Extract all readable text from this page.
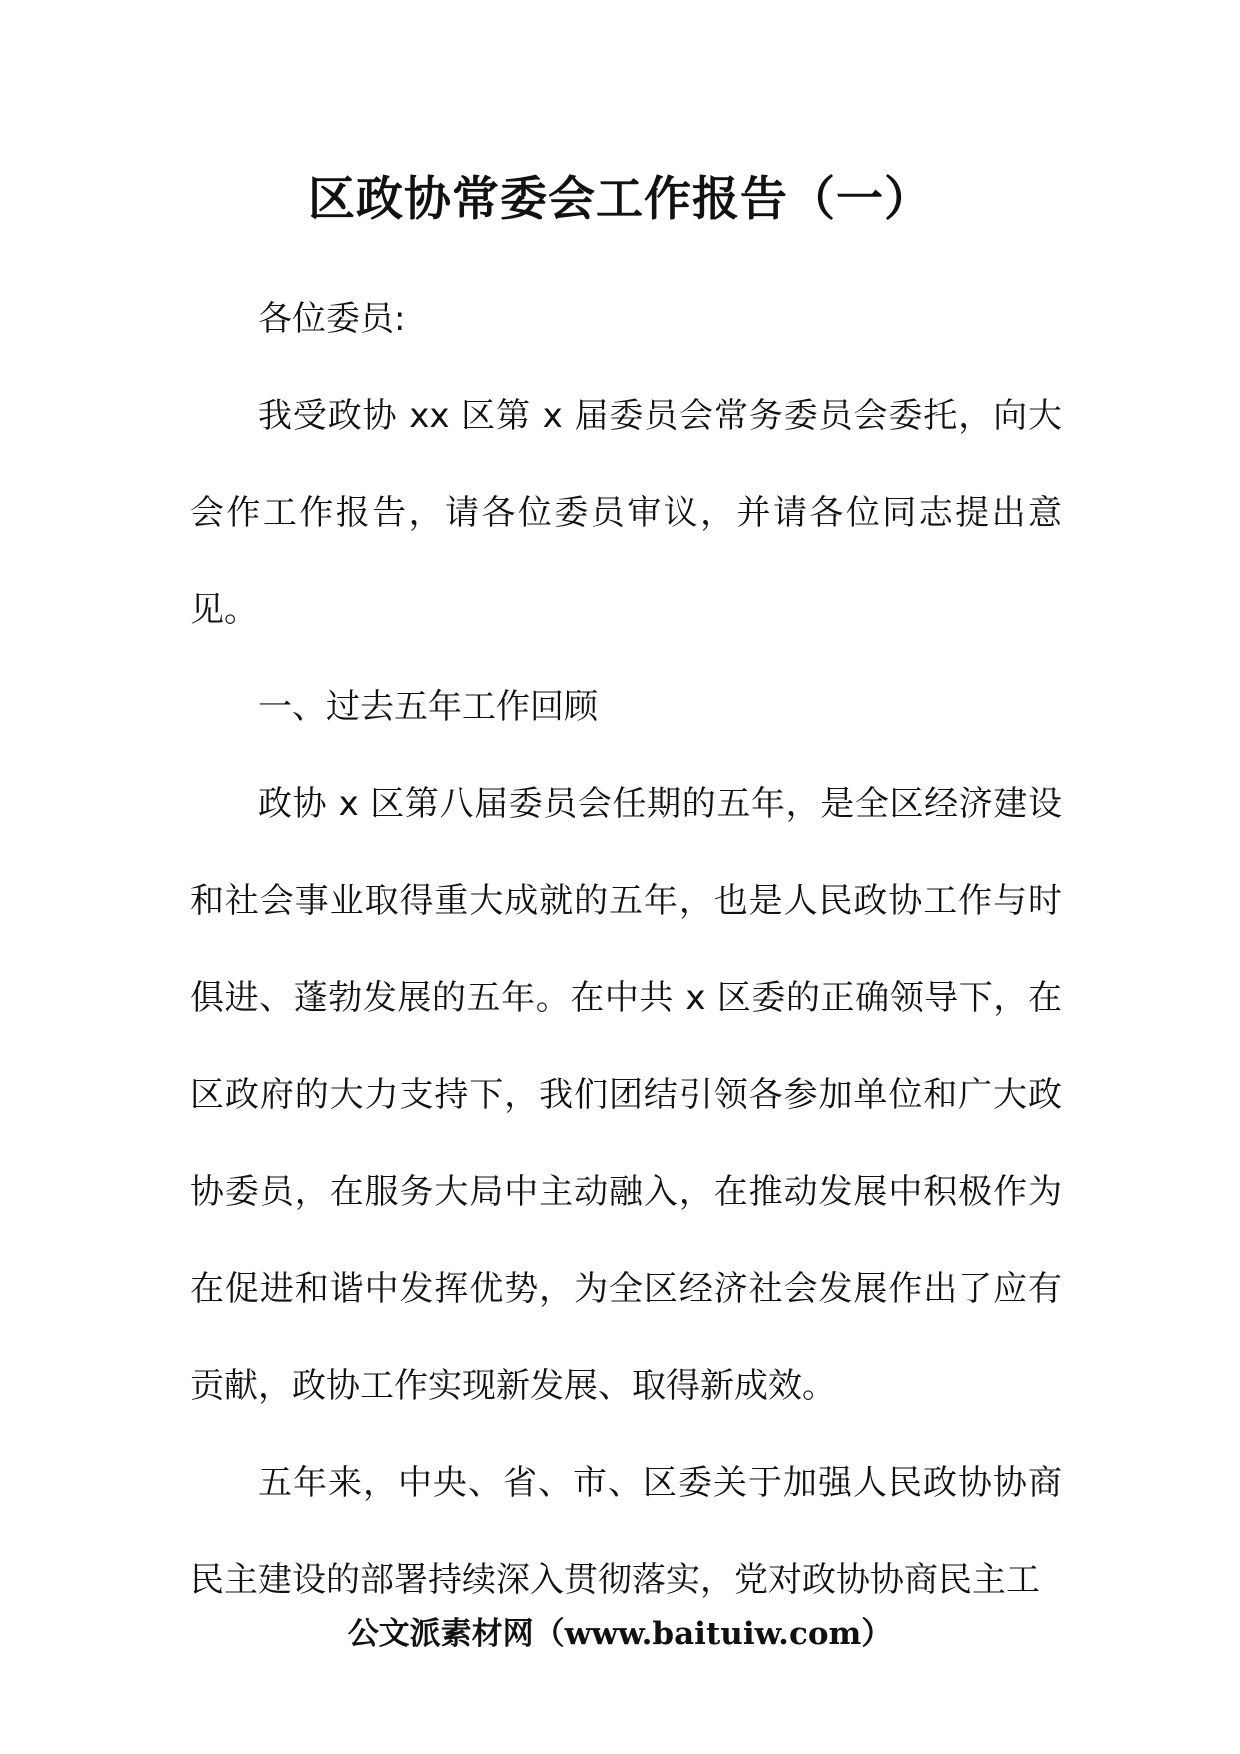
区政协常委会工作报告（一）

各位委员:

我受政协 xx 区第 x 届委员会常务委员会委托，向大会作工作报告，请各位委员审议，并请各位同志提出意见。

一、过去五年工作回顾

政协 x 区第八届委员会任期的五年，是全区经济建设和社会事业取得重大成就的五年，也是人民政协工作与时俱进、蓬勃发展的五年。在中共 x 区委的正确领导下，在区政府的大力支持下，我们团结引领各参加单位和广大政协委员，在服务大局中主动融入，在推动发展中积极作为在促进和谐中发挥优势，为全区经济社会发展作出了应有贡献，政协工作实现新发展、取得新成效。

五年来，中央、省、市、区委关于加强人民政协协商民主建设的部署持续深入贯彻落实，党对政协协商民主工

公文派素材网（www.baituiw.com）
